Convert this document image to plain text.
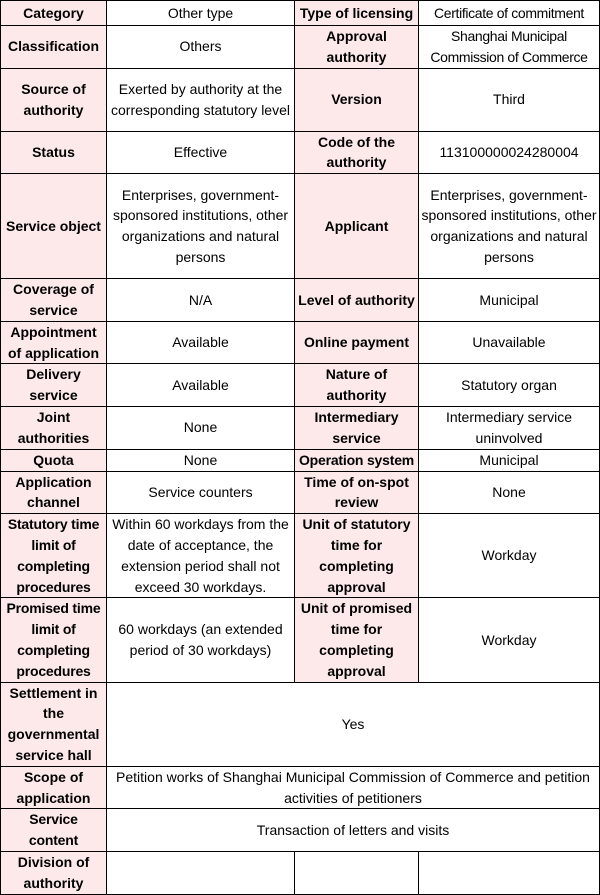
Category	Other type	Type of licensing	Certificate of commitment
Classification	Others	Approval authority	Shanghai Municipal Commission of Commerce
Source of authority	Exerted by authority at the corresponding statutory level	Version	Third
Status	Effective	Code of the authority	113100000024280004
Service object	Enterprises, government-sponsored institutions, other organizations and natural persons	Applicant	Enterprises, government-sponsored institutions, other organizations and natural persons
Coverage of service	N/A	Level of authority	Municipal
Appointment of application	Available	Online payment	Unavailable
Delivery service	Available	Nature of authority	Statutory organ
Joint authorities	None	Intermediary service	Intermediary service uninvolved
Quota	None	Operation system	Municipal
Application channel	Service counters	Time of on-spot review	None
Statutory time limit of completing procedures	Within 60 workdays from the date of acceptance, the extension period shall not exceed 30 workdays.	Unit of statutory time for completing approval	Workday
Promised time limit of completing procedures	60 workdays (an extended period of 30 workdays)	Unit of promised time for completing approval	Workday
Settlement in the governmental service hall	Yes		
Scope of application	Petition works of Shanghai Municipal Commission of Commerce and petition activities of petitioners		
Service content	Transaction of letters and visits		
Division of authority			
